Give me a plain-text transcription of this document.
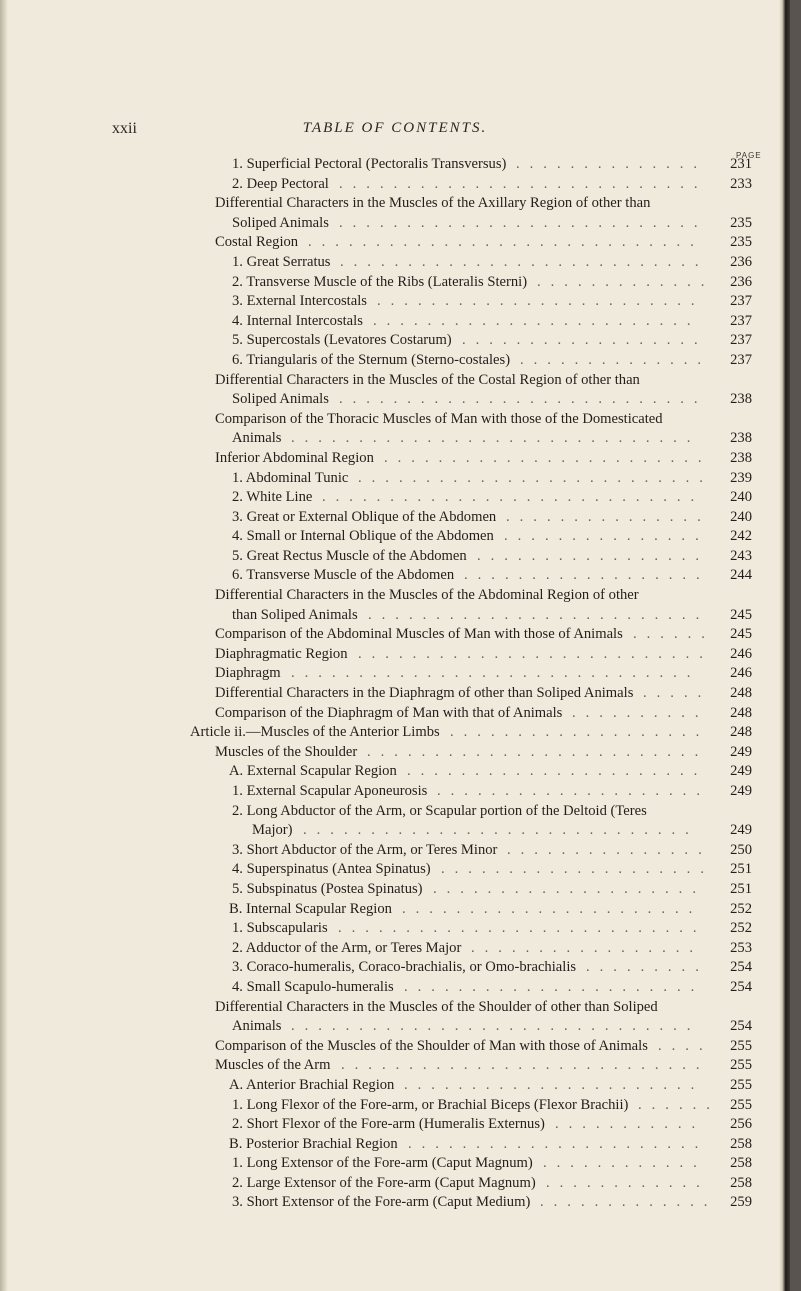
xxii	TABLE OF CONTENTS.
PAGE
1. Superficial Pectoral (Pectoralis Transversus)	231
..............
2. Deep Pectoral	233
...........................
Differential Characters in the Muscles of the Axillary Region of other than
Soliped Animals	235
...........................
Costal Region	235
.............................
1. Great Serratus	236
...........................
2. Transverse Muscle of the Ribs (Lateralis Sterni)	236
.............
3. External Intercostals	237
........................
4. Internal Intercostals	237
........................
5. Supercostals (Levatores Costarum)	237
..................
6. Triangularis of the Sternum (Sterno-costales)	237
..............
Differential Characters in the Muscles of the Costal Region of other than
Soliped Animals	238
...........................
Comparison of the Thoracic Muscles of Man with those of the Domesticated
Animals	238
..............................
Inferior Abdominal Region	238
........................
1. Abdominal Tunic	239
..........................
2. White Line	240
............................
3. Great or External Oblique of the Abdomen	240
...............
4. Small or Internal Oblique of the Abdomen	242
...............
5. Great Rectus Muscle of the Abdomen	243
.................
6. Transverse Muscle of the Abdomen	244
..................
Differential Characters in the Muscles of the Abdominal Region of other
than Soliped Animals	245
.........................
Comparison of the Abdominal Muscles of Man with those of Animals	245
......
Diaphragmatic Region	246
..........................
Diaphragm	246
..............................
Differential Characters in the Diaphragm of other than Soliped Animals	248
.....
Comparison of the Diaphragm of Man with that of Animals	248
..........
Article ii.—Muscles of the Anterior Limbs	248
...................
Muscles of the Shoulder	249
.........................
A. External Scapular Region	249
......................
1. External Scapular Aponeurosis	249
....................
2. Long Abductor of the Arm, or Scapular portion of the Deltoid (Teres
Major)	249
.............................
3. Short Abductor of the Arm, or Teres Minor	250
...............
4. Superspinatus (Antea Spinatus)	251
....................
5. Subspinatus (Postea Spinatus)	251
....................
B. Internal Scapular Region	252
......................
1. Subscapularis	252
...........................
2. Adductor of the Arm, or Teres Major	253
.................
3. Coraco-humeralis, Coraco-brachialis, or Omo-brachialis	254
.........
4. Small Scapulo-humeralis	254
......................
Differential Characters in the Muscles of the Shoulder of other than Soliped
Animals	254
..............................
Comparison of the Muscles of the Shoulder of Man with those of Animals	255
....
Muscles of the Arm	255
...........................
A. Anterior Brachial Region	255
......................
1. Long Flexor of the Fore-arm, or Brachial Biceps (Flexor Brachii)	255
......
2. Short Flexor of the Fore-arm (Humeralis Externus)	256
...........
B. Posterior Brachial Region	258
......................
1. Long Extensor of the Fore-arm (Caput Magnum)	258
............
2. Large Extensor of the Fore-arm (Caput Magnum)	258
............
3. Short Extensor of the Fore-arm (Caput Medium)	259
.............
